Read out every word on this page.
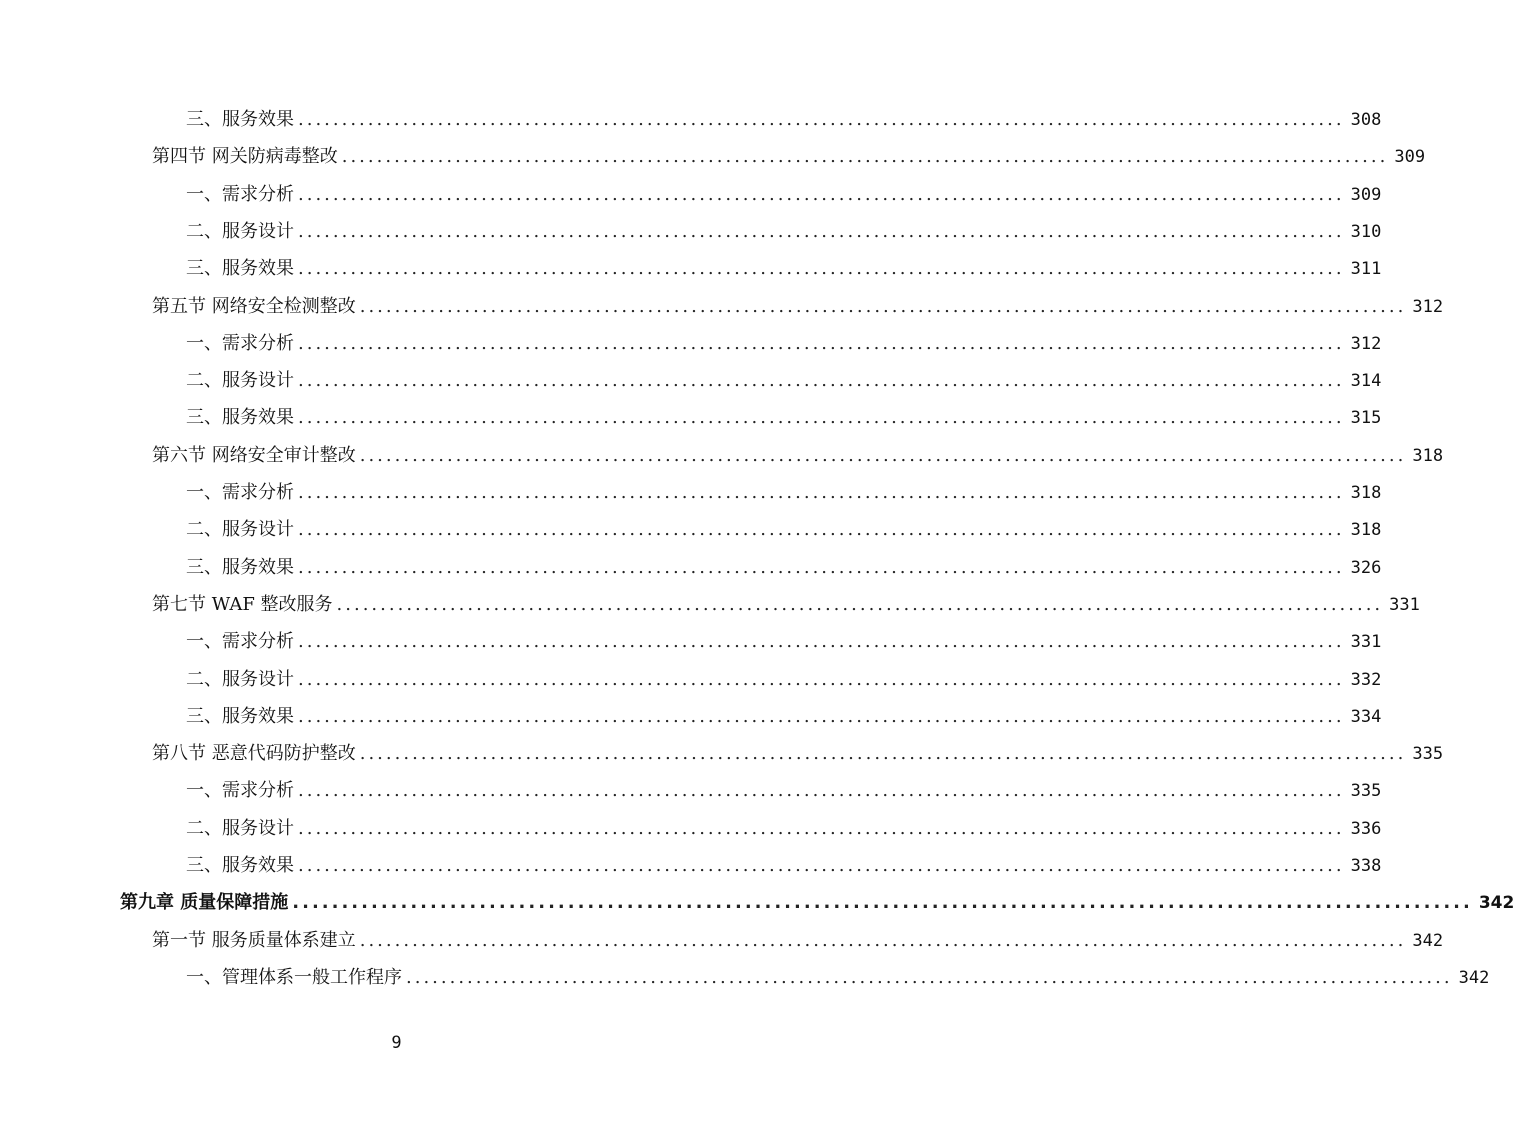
三、服务效果 ........................................................................................................................ 308
第四节 网关防病毒整改 ........................................................................................................................ 309
一、需求分析 ........................................................................................................................ 309
二、服务设计 ........................................................................................................................ 310
三、服务效果 ........................................................................................................................ 311
第五节 网络安全检测整改 ........................................................................................................................ 312
一、需求分析 ........................................................................................................................ 312
二、服务设计 ........................................................................................................................ 314
三、服务效果 ........................................................................................................................ 315
第六节 网络安全审计整改 ........................................................................................................................ 318
一、需求分析 ........................................................................................................................ 318
二、服务设计 ........................................................................................................................ 318
三、服务效果 ........................................................................................................................ 326
第七节 WAF 整改服务 ........................................................................................................................ 331
一、需求分析 ........................................................................................................................ 331
二、服务设计 ........................................................................................................................ 332
三、服务效果 ........................................................................................................................ 334
第八节 恶意代码防护整改 ........................................................................................................................ 335
一、需求分析 ........................................................................................................................ 335
二、服务设计 ........................................................................................................................ 336
三、服务效果 ........................................................................................................................ 338
第九章 质量保障措施 ........................................................................................................................ 342
第一节 服务质量体系建立 ........................................................................................................................ 342
一、管理体系一般工作程序 ........................................................................................................................ 342
9
